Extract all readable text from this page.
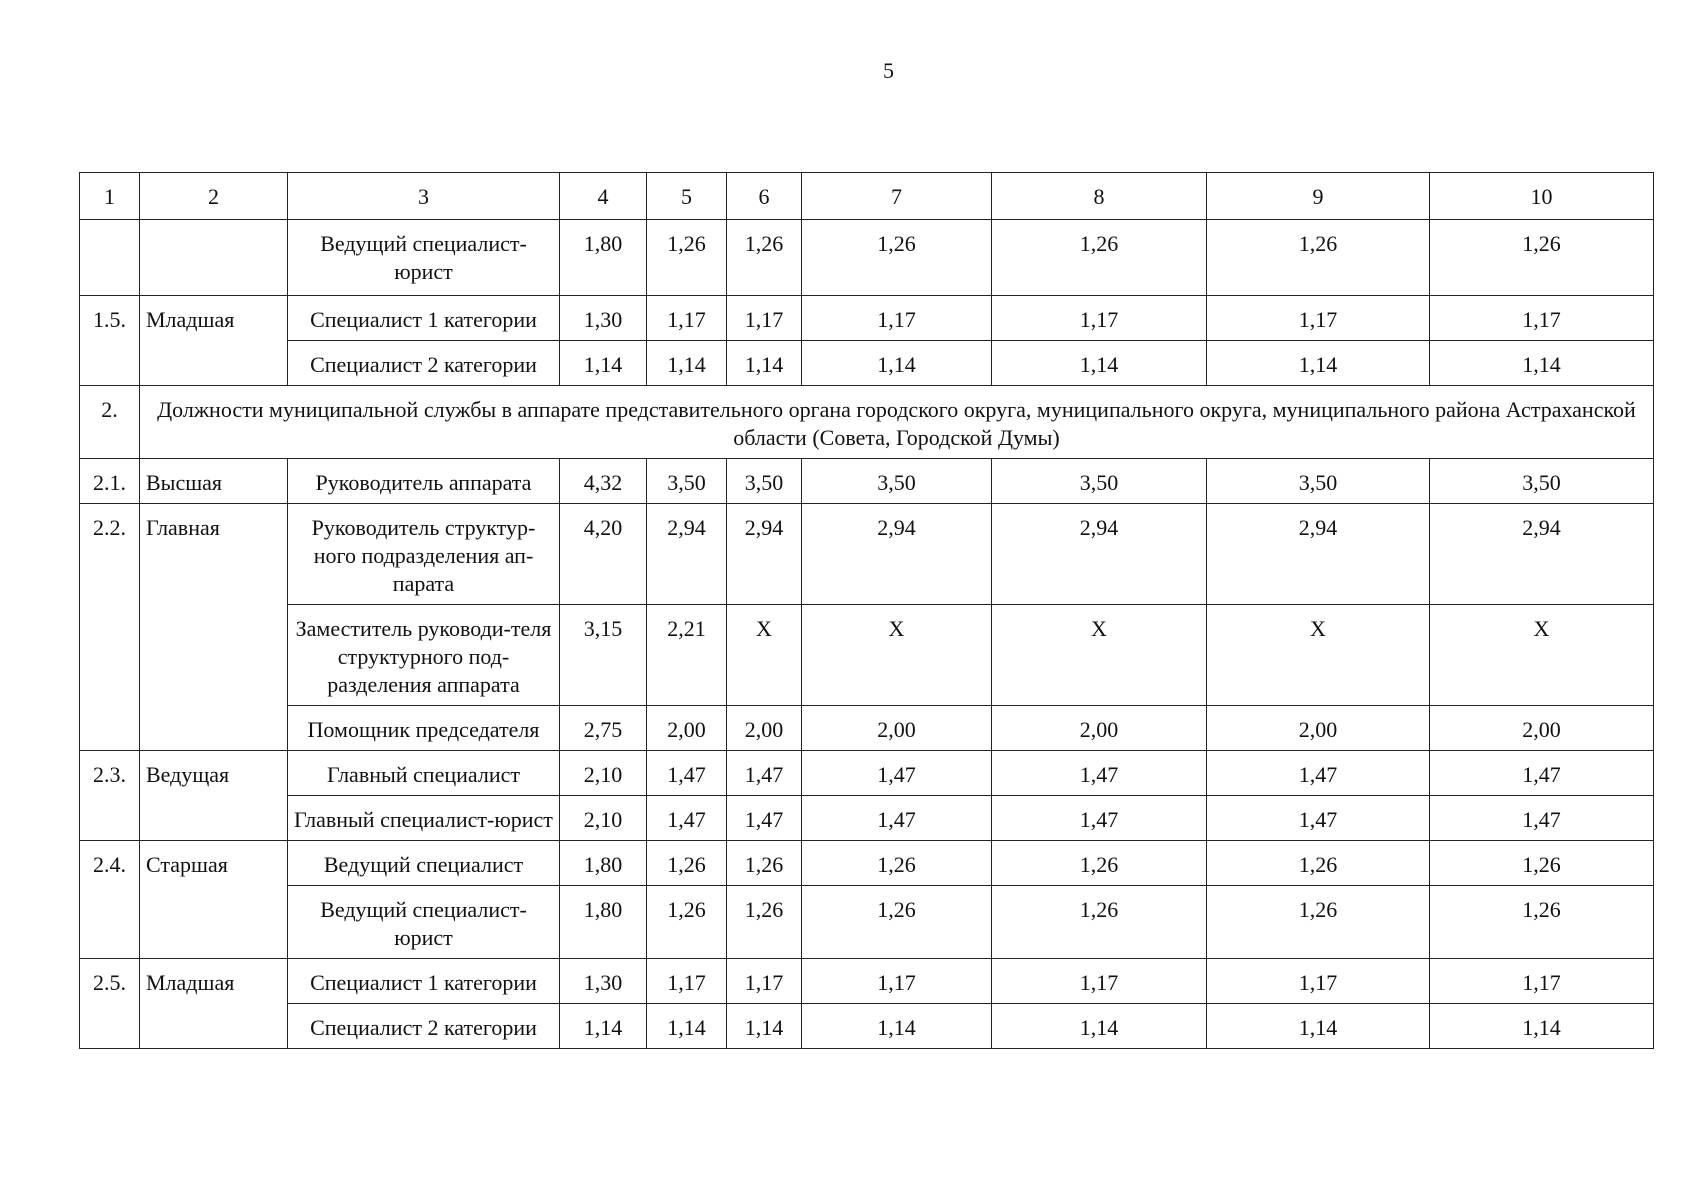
5
1	2	3	4	5	6	7	8	9	10
		Ведущий специалист-юрист	1,80	1,26	1,26	1,26	1,26	1,26	1,26
1.5.	Младшая	Специалист 1 категории	1,30	1,17	1,17	1,17	1,17	1,17	1,17
		Специалист 2 категории	1,14	1,14	1,14	1,14	1,14	1,14	1,14
2.	Должности муниципальной службы в аппарате представительного органа городского округа, муниципального округа, муниципального района Астраханской области (Совета, Городской Думы)								
2.1.	Высшая	Руководитель аппарата	4,32	3,50	3,50	3,50	3,50	3,50	3,50
2.2.	Главная	Руководитель структур-ного подразделения ап-парата	4,20	2,94	2,94	2,94	2,94	2,94	2,94
		Заместитель руководи-теля структурного под-разделения аппарата	3,15	2,21	Х	Х	Х	Х	Х
		Помощник председателя	2,75	2,00	2,00	2,00	2,00	2,00	2,00
2.3.	Ведущая	Главный специалист	2,10	1,47	1,47	1,47	1,47	1,47	1,47
		Главный специалист-юрист	2,10	1,47	1,47	1,47	1,47	1,47	1,47
2.4.	Старшая	Ведущий специалист	1,80	1,26	1,26	1,26	1,26	1,26	1,26
		Ведущий специалист-юрист	1,80	1,26	1,26	1,26	1,26	1,26	1,26
2.5.	Младшая	Специалист 1 категории	1,30	1,17	1,17	1,17	1,17	1,17	1,17
		Специалист 2 категории	1,14	1,14	1,14	1,14	1,14	1,14	1,14
